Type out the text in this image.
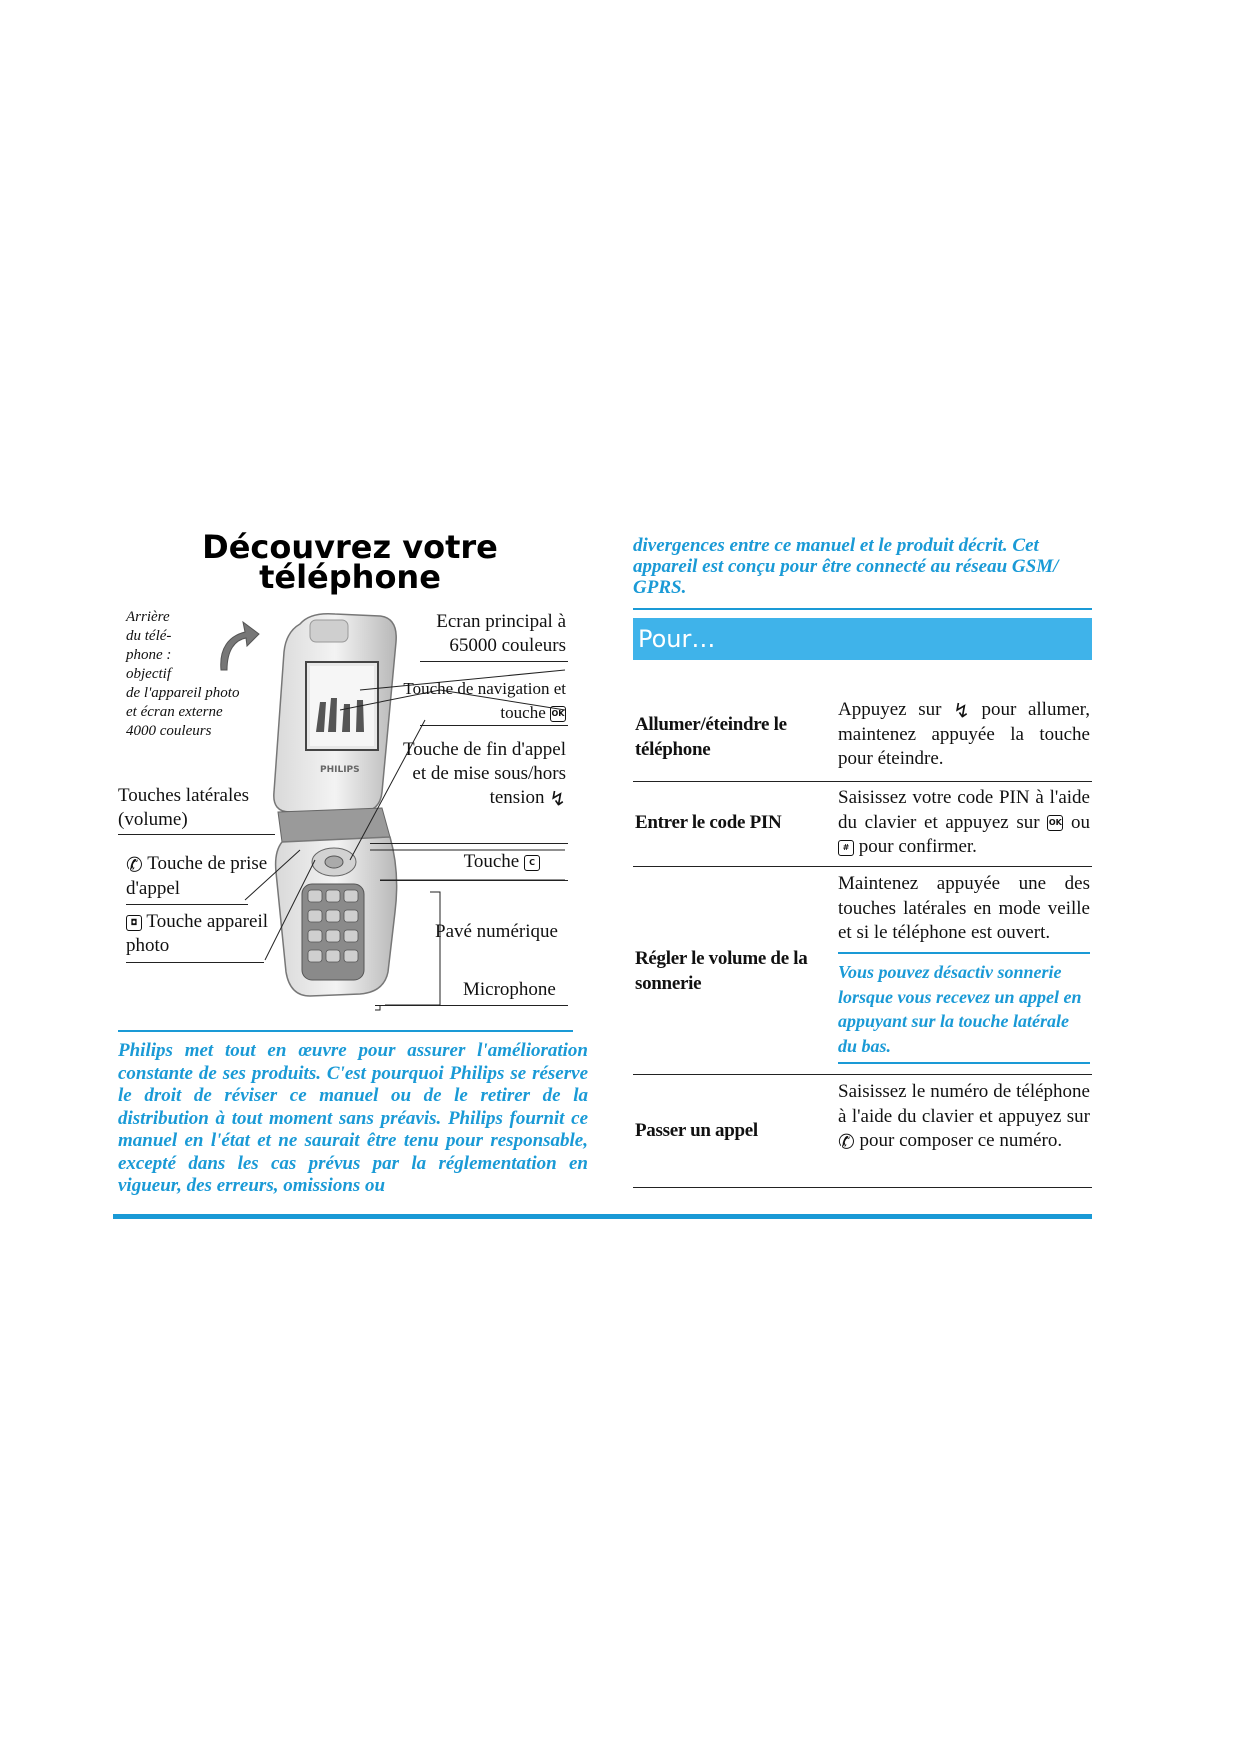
Découvrez votre téléphone
Arrière
du télé-
phone :
objectif
de l'appareil photo
et écran externe
4000 couleurs
PHILIPS
Touches latérales (volume)
✆ Touche de prise d'appel
◘ Touche appareil photo
Ecran principal à 65000 couleurs
Touche de navigation et touche OK
Touche de fin d'appel et de mise sous/hors tension ↯
Touche C
Pavé numérique
Microphone
Philips met tout en œuvre pour assurer l'amélioration constante de ses produits. C'est pourquoi Philips se réserve le droit de réviser ce manuel ou de le retirer de la distribution à tout moment sans préavis. Philips fournit ce manuel en l'état et ne saurait être tenu pour responsable, excepté dans les cas prévus par la réglementation en vigueur, des erreurs, omissions ou
divergences entre ce manuel et le produit décrit. Cet appareil est conçu pour être connecté au réseau GSM/ GPRS.
Pour…
Allumer/éteindre le téléphone
Appuyez sur ↯ pour allumer, maintenez appuyée la touche pour éteindre.
Entrer le code PIN
Saisissez votre code PIN à l'aide du clavier et appuyez sur OK ou # pour confirmer.
Régler le volume de la sonnerie
Maintenez appuyée une des touches latérales en mode veille et si le téléphone est ouvert.
Vous pouvez désactiv sonnerie lorsque vous recevez un appel en appuyant sur la touche latérale du bas.
Passer un appel
Saisissez le numéro de téléphone à l'aide du clavier et appuyez sur ✆ pour composer ce numéro.
